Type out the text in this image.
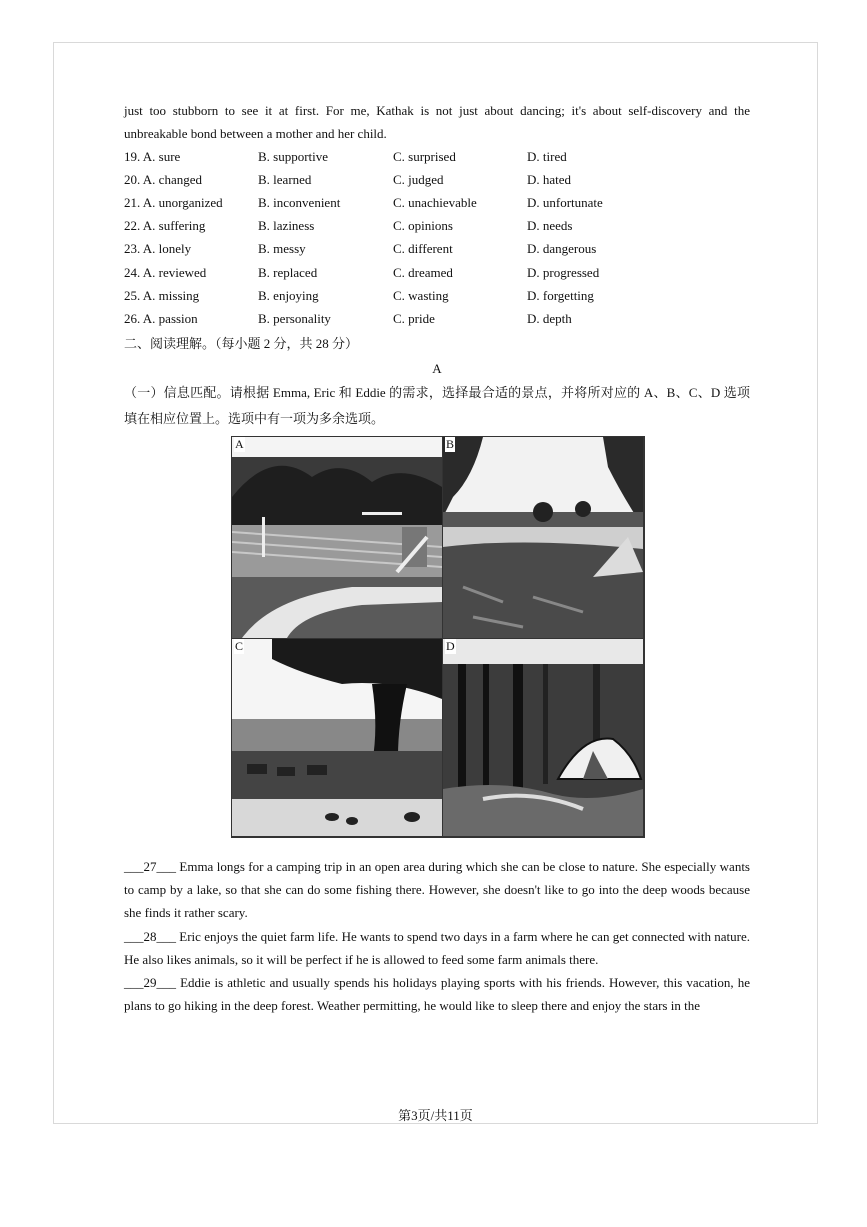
just too stubborn to see it at first. For me, Kathak is not just about dancing; it's about self-discovery and the

unbreakable bond between a mother and her child.

19. A. sure	B. supportive	C. surprised	D. tired
20. A. changed	B. learned	C. judged	D. hated
21. A. unorganized	B. inconvenient	C. unachievable	D. unfortunate
22. A. suffering	B. laziness	C. opinions	D. needs
23. A. lonely	B. messy	C. different	D. dangerous
24. A. reviewed	B. replaced	C. dreamed	D. progressed
25. A. missing	B. enjoying	C. wasting	D. forgetting
26. A. passion	B. personality	C. pride	D. depth
二、阅读理解。（每小题 2 分，共 28 分）
A
（一）信息匹配。请根据 Emma, Eric 和 Eddie 的需求，选择最合适的景点，并将所对应的 A、B、C、D 选项填在相应位置上。选项中有一项为多余选项。
A	B
C	D

___27___ Emma longs for a camping trip in an open area during which she can be close to nature. She especially wants to camp by a lake, so that she can do some fishing there. However, she doesn't like to go into the deep woods because she finds it rather scary.

___28___ Eric enjoys the quiet farm life. He wants to spend two days in a farm where he can get connected with nature. He also likes animals, so it will be perfect if he is allowed to feed some farm animals there.

___29___ Eddie is athletic and usually spends his holidays playing sports with his friends. However, this vacation, he plans to go hiking in the deep forest. Weather permitting, he would like to sleep there and enjoy the stars in the

第3页/共11页
